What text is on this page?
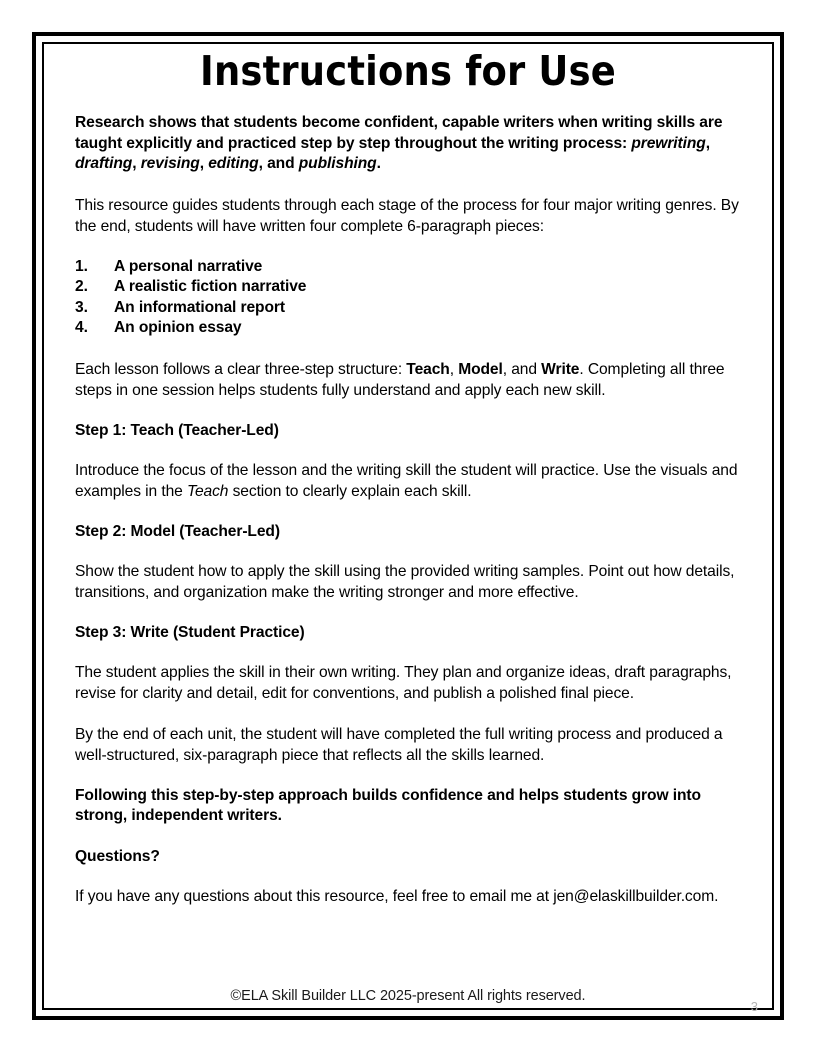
Instructions for Use

Research shows that students become confident, capable writers when writing skills are taught explicitly and practiced step by step throughout the writing process: prewriting, drafting, revising, editing, and publishing.

This resource guides students through each stage of the process for four major writing genres. By the end, students will have written four complete 6-paragraph pieces:

1.	A personal narrative
2.	A realistic fiction narrative
3.	An informational report
4.	An opinion essay

Each lesson follows a clear three-step structure: Teach, Model, and Write. Completing all three steps in one session helps students fully understand and apply each new skill.

Step 1: Teach (Teacher-Led)

Introduce the focus of the lesson and the writing skill the student will practice. Use the visuals and examples in the Teach section to clearly explain each skill.

Step 2: Model (Teacher-Led)

Show the student how to apply the skill using the provided writing samples. Point out how details, transitions, and organization make the writing stronger and more effective.

Step 3: Write (Student Practice)

The student applies the skill in their own writing. They plan and organize ideas, draft paragraphs, revise for clarity and detail, edit for conventions, and publish a polished final piece.

By the end of each unit, the student will have completed the full writing process and produced a well-structured, six-paragraph piece that reflects all the skills learned.

Following this step-by-step approach builds confidence and helps students grow into strong, independent writers.

Questions?

If you have any questions about this resource, feel free to email me at jen@elaskillbuilder.com.

©ELA Skill Builder LLC 2025-present All rights reserved.
3
